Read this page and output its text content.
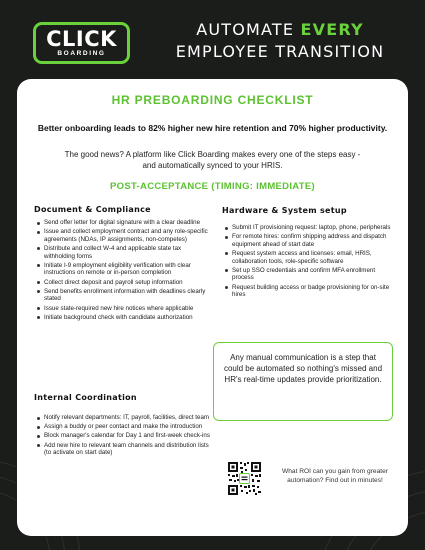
CLICK
BOARDING
AUTOMATE EVERY
EMPLOYEE TRANSITION
HR PREBOARDING CHECKLIST
Better onboarding leads to 82% higher new hire retention and 70% higher productivity.
The good news? A platform like Click Boarding makes every one of the steps easy - and automatically synced to your HRIS.
POST-ACCEPTANCE (TIMING: IMMEDIATE)
Document & Compliance
Send offer letter for digital signature with a clear deadline
Issue and collect employment contract and any role-specific agreements (NDAs, IP assignments, non-competes)
Distribute and collect W-4 and applicable state tax withholding forms
Initiate I-9 employment eligibility verification with clear instructions on remote or in-person completion
Collect direct deposit and payroll setup information
Send benefits enrollment information with deadlines clearly stated
Issue state-required new hire notices where applicable
Initiate background check with candidate authorization
Internal Coordination
Notify relevant departments: IT, payroll, facilities, direct team
Assign a buddy or peer contact and make the introduction
Block manager's calendar for Day 1 and first-week check-ins
Add new hire to relevant team channels and distribution lists (to activate on start date)
Hardware & System setup
Submit IT provisioning request: laptop, phone, peripherals
For remote hires: confirm shipping address and dispatch equipment ahead of start date
Request system access and licenses: email, HRIS, collaboration tools, role-specific software
Set up SSO credentials and confirm MFA enrollment process
Request building access or badge provisioning for on-site hires
Any manual communication is a step that could be automated so nothing's missed and HR's real-time updates provide prioritization.
What ROI can you gain from greater automation? Find out in minutes!
